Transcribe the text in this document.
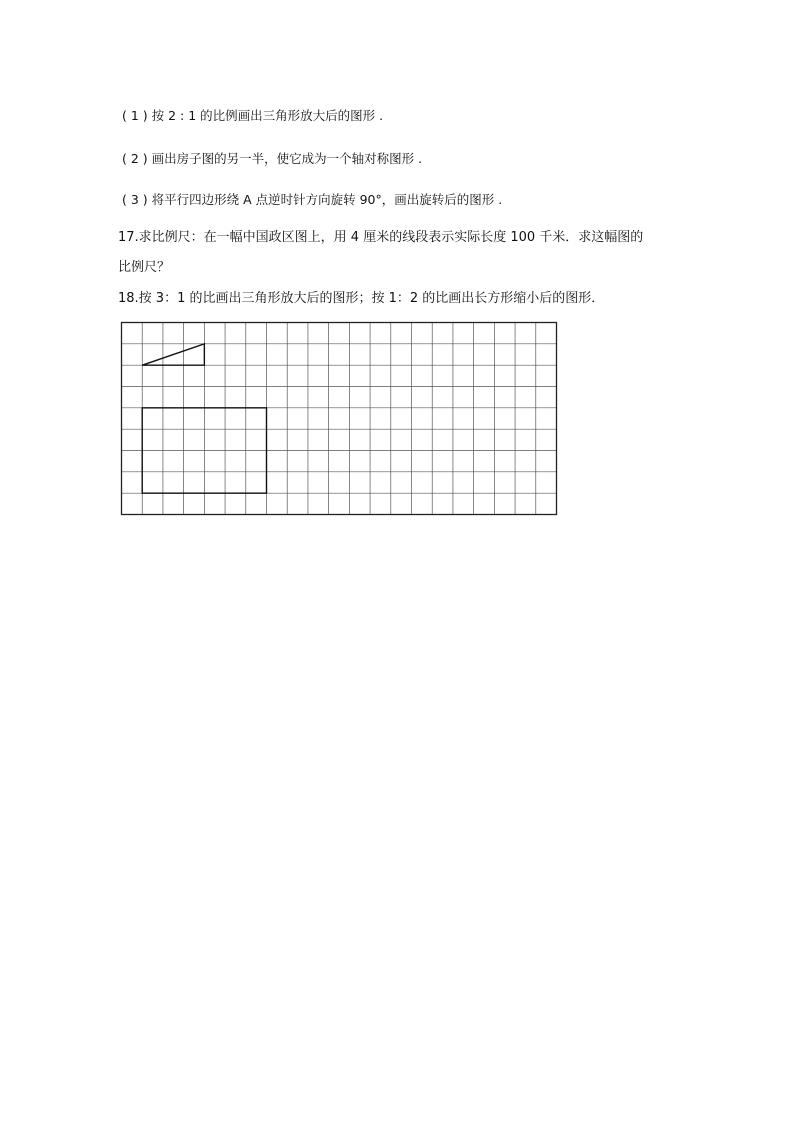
( 1 ) 按 2 : 1 的比例画出三角形放大后的图形 .
( 2 ) 画出房子图的另一半，使它成为一个轴对称图形 .
( 3 ) 将平行四边形绕 A 点逆时针方向旋转 90°，画出旋转后的图形 .
17.求比例尺：在一幅中国政区图上，用 4 厘米的线段表示实际长度 100 千米．求这幅图的
比例尺？
18.按 3：1 的比画出三角形放大后的图形；按 1：2 的比画出长方形缩小后的图形．
